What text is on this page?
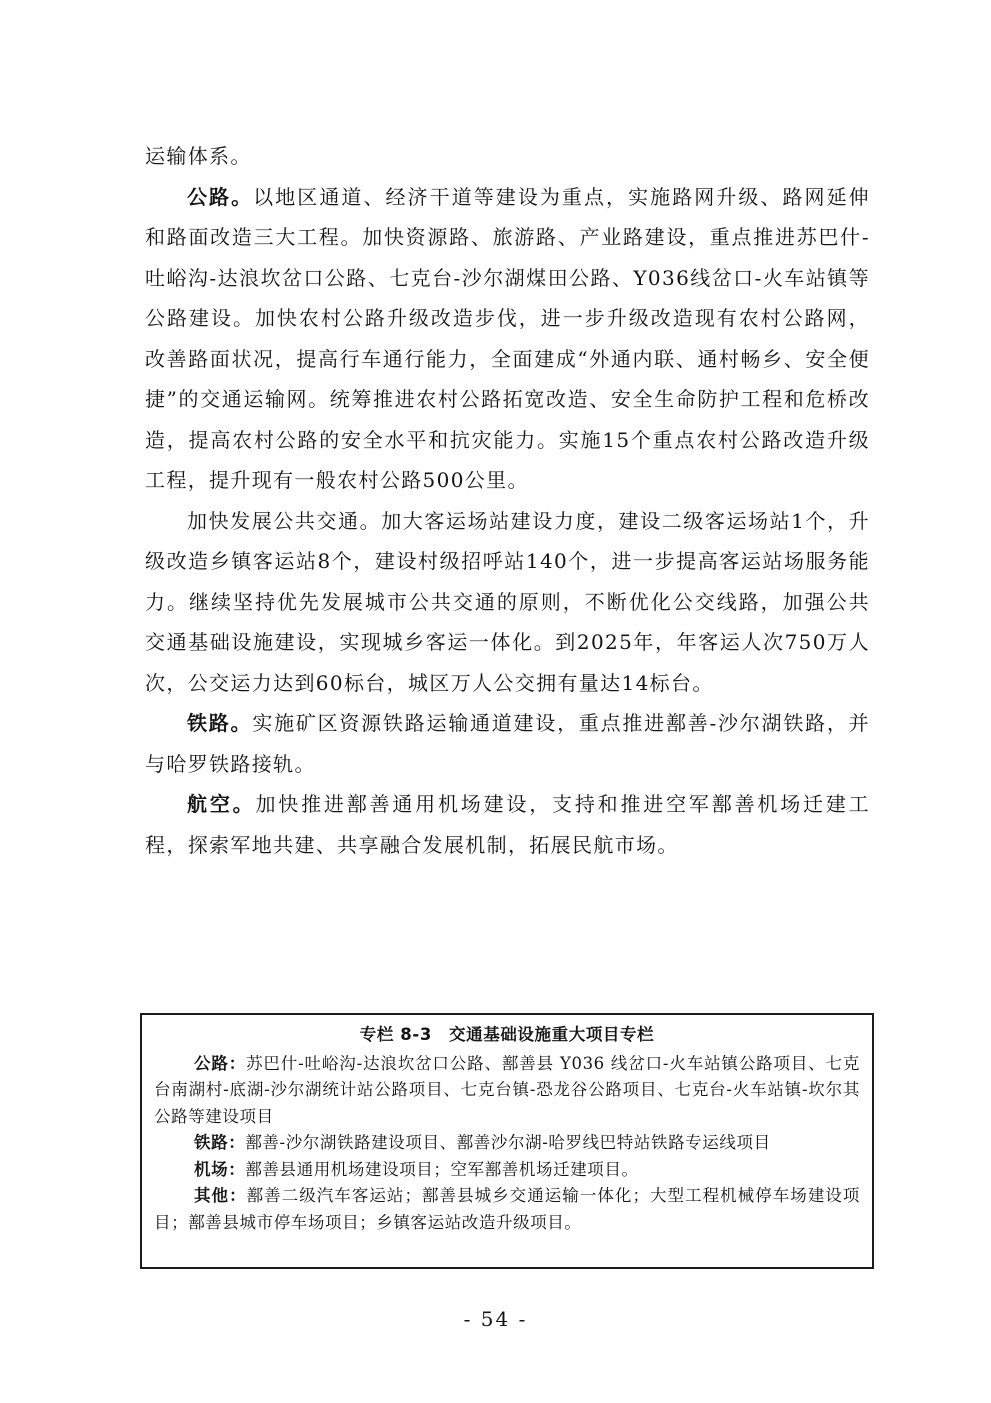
运输体系。

公路。以地区通道、经济干道等建设为重点，实施路网升级、路网延伸和路面改造三大工程。加快资源路、旅游路、产业路建设，重点推进苏巴什-吐峪沟-达浪坎岔口公路、七克台-沙尔湖煤田公路、Y036线岔口-火车站镇等公路建设。加快农村公路升级改造步伐，进一步升级改造现有农村公路网，改善路面状况，提高行车通行能力，全面建成“外通内联、通村畅乡、安全便捷”的交通运输网。统筹推进农村公路拓宽改造、安全生命防护工程和危桥改造，提高农村公路的安全水平和抗灾能力。实施15个重点农村公路改造升级工程，提升现有一般农村公路500公里。

加快发展公共交通。加大客运场站建设力度，建设二级客运场站1个，升级改造乡镇客运站8个，建设村级招呼站140个，进一步提高客运站场服务能力。继续坚持优先发展城市公共交通的原则，不断优化公交线路，加强公共交通基础设施建设，实现城乡客运一体化。到2025年，年客运人次750万人次，公交运力达到60标台，城区万人公交拥有量达14标台。

铁路。实施矿区资源铁路运输通道建设，重点推进鄯善-沙尔湖铁路，并与哈罗铁路接轨。

航空。加快推进鄯善通用机场建设，支持和推进空军鄯善机场迁建工程，探索军地共建、共享融合发展机制，拓展民航市场。

专栏 8-3　交通基础设施重大项目专栏

公路：苏巴什-吐峪沟-达浪坎岔口公路、鄯善县 Y036 线岔口-火车站镇公路项目、七克台南湖村-底湖-沙尔湖统计站公路项目、七克台镇-恐龙谷公路项目、七克台-火车站镇-坎尔其公路等建设项目

铁路：鄯善-沙尔湖铁路建设项目、鄯善沙尔湖-哈罗线巴特站铁路专运线项目

机场：鄯善县通用机场建设项目；空军鄯善机场迁建项目。

其他：鄯善二级汽车客运站；鄯善县城乡交通运输一体化；大型工程机械停车场建设项目；鄯善县城市停车场项目；乡镇客运站改造升级项目。

- 54 -
